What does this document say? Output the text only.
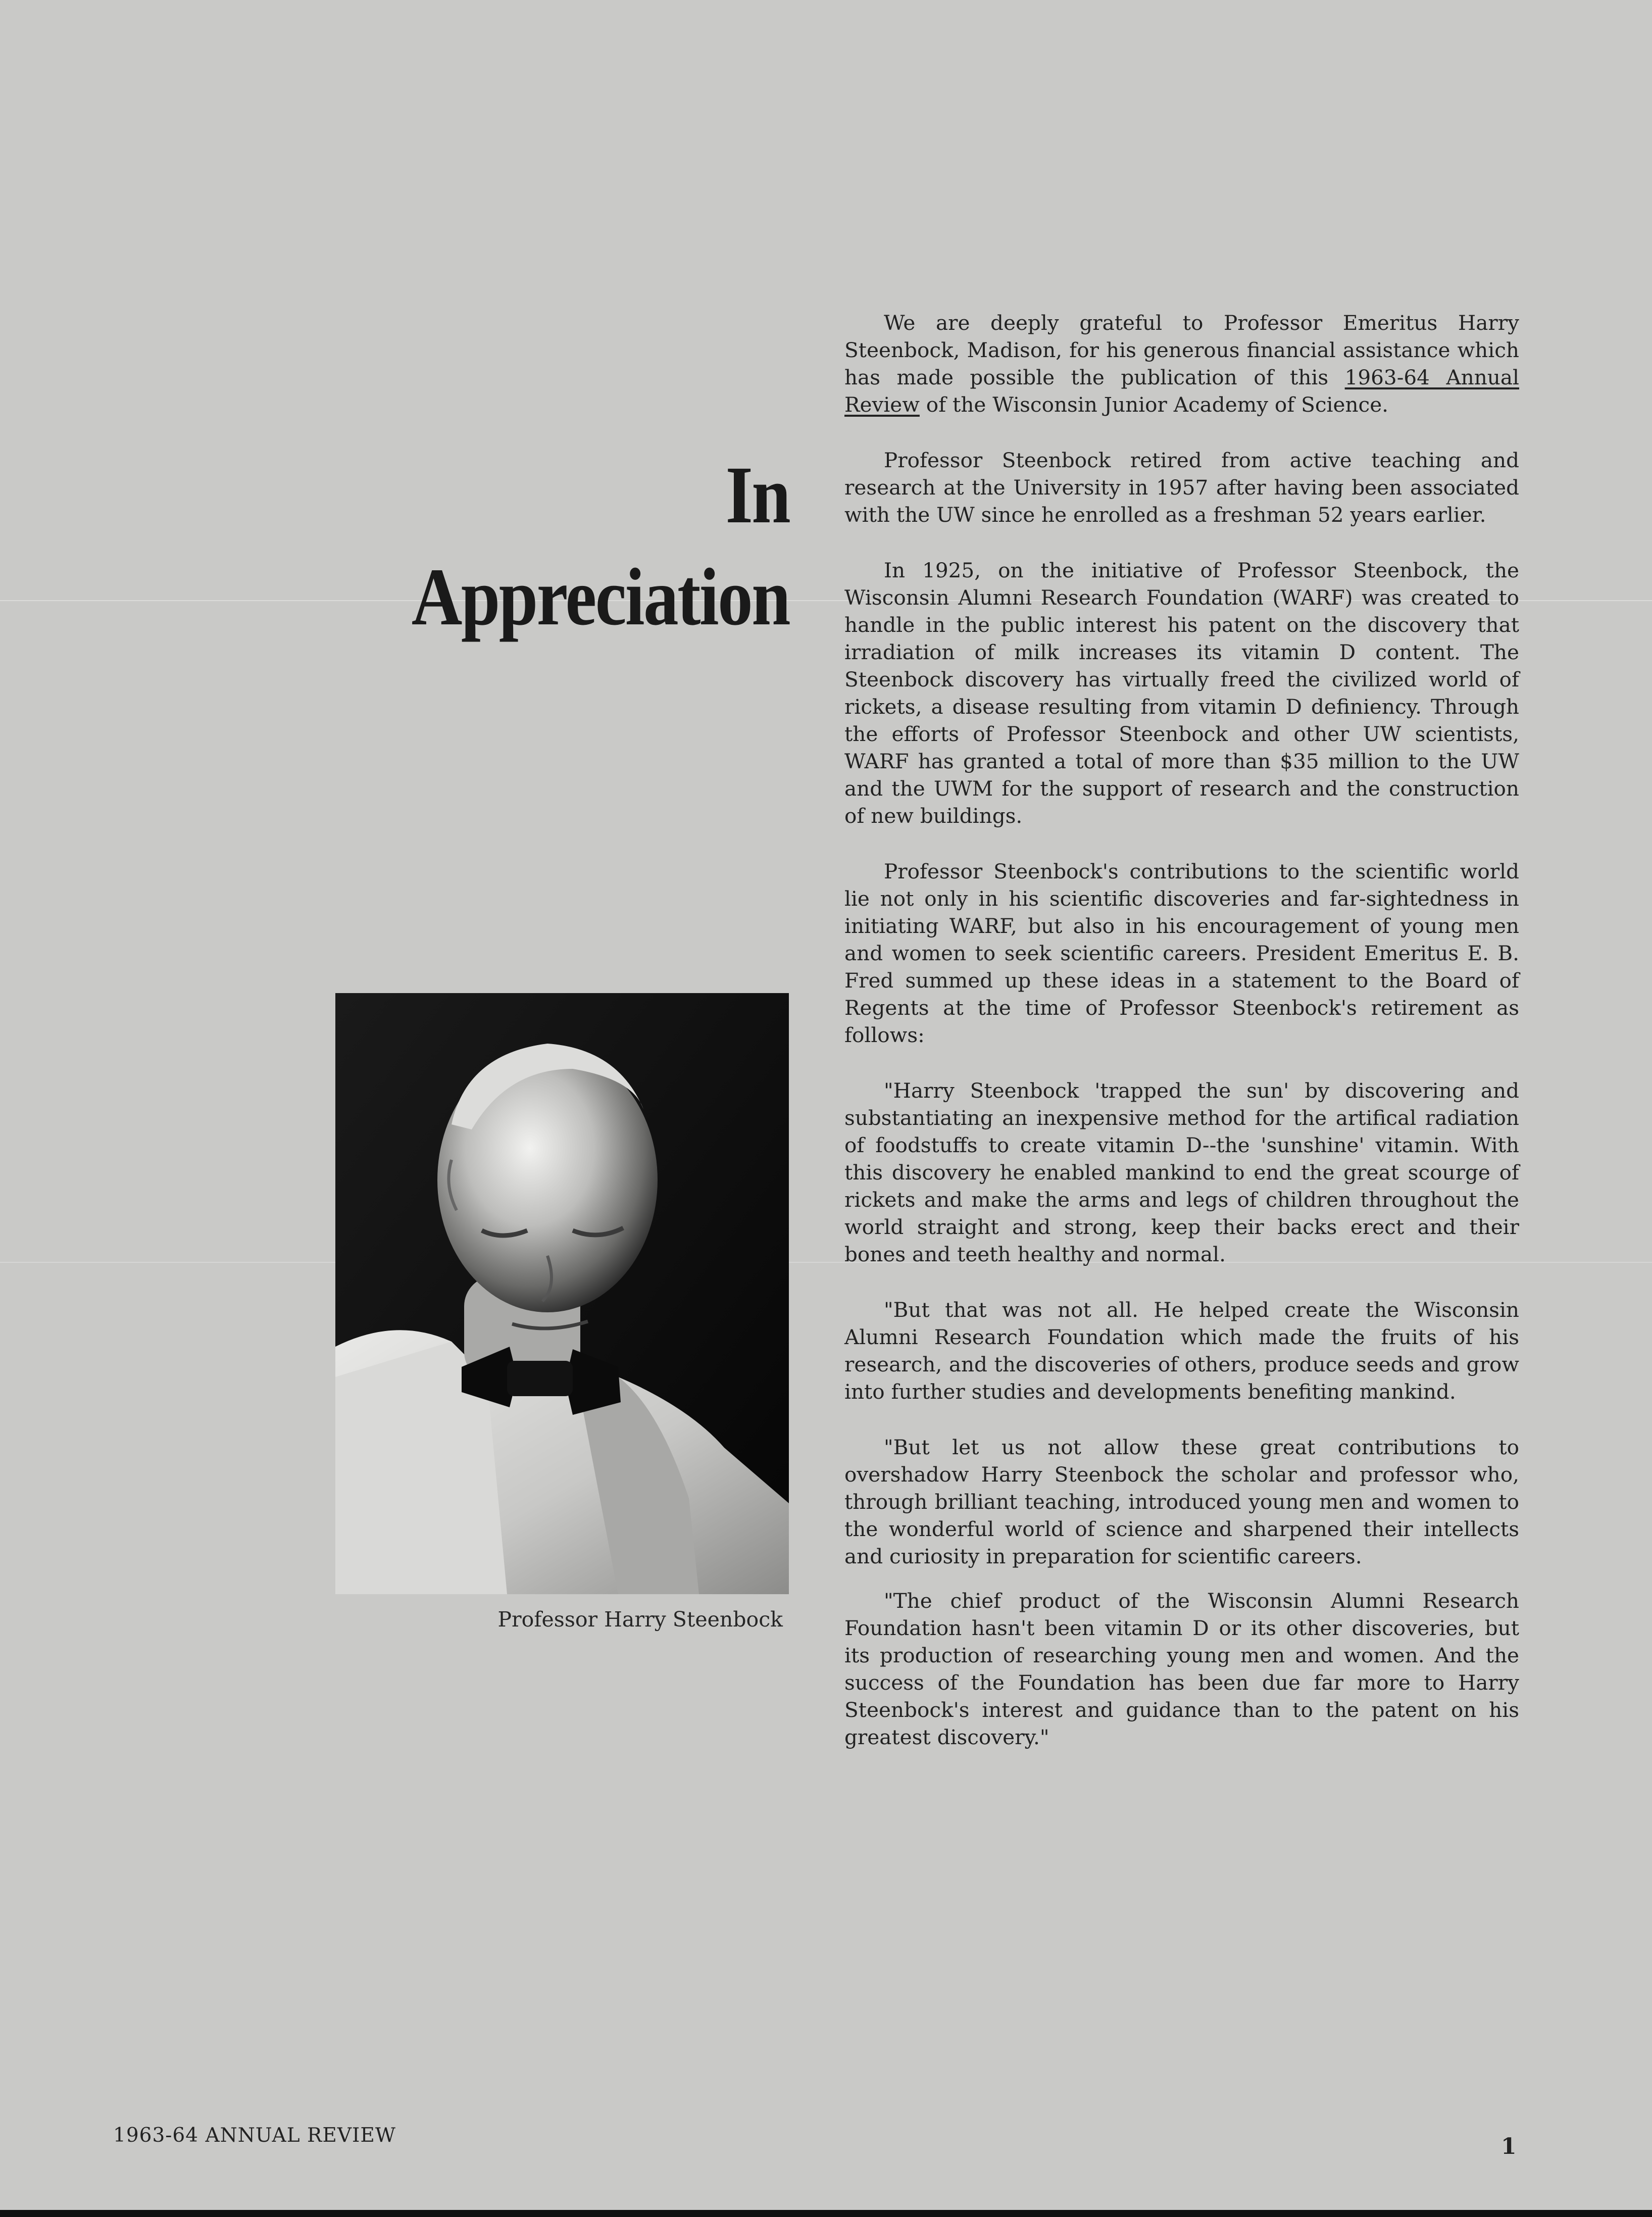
In
Appreciation

We are deeply grateful to Professor Emeritus Harry Steenbock, Madison, for his generous financial assistance which has made possible the publication of this 1963-64 Annual Review of the Wisconsin Junior Academy of Science.

Professor Steenbock retired from active teaching and research at the University in 1957 after having been associated with the UW since he enrolled as a freshman 52 years earlier.

In 1925, on the initiative of Professor Steenbock, the Wisconsin Alumni Research Foundation (WARF) was created to handle in the public interest his patent on the discovery that irradiation of milk increases its vitamin D content. The Steenbock discovery has virtually freed the civilized world of rickets, a disease resulting from vitamin D definiency. Through the efforts of Professor Steenbock and other UW scientists, WARF has granted a total of more than $35 million to the UW and the UWM for the support of research and the construction of new buildings.

Professor Steenbock's contributions to the scientific world lie not only in his scientific discoveries and far-sightedness in initiating WARF, but also in his encouragement of young men and women to seek scientific careers. President Emeritus E. B. Fred summed up these ideas in a statement to the Board of Regents at the time of Professor Steenbock's retirement as follows:

"Harry Steenbock 'trapped the sun' by discovering and substantiating an inexpensive method for the artifical radiation of foodstuffs to create vitamin D--the 'sunshine' vitamin. With this discovery he enabled mankind to end the great scourge of rickets and make the arms and legs of children throughout the world straight and strong, keep their backs erect and their bones and teeth healthy and normal.

"But that was not all. He helped create the Wisconsin Alumni Research Foundation which made the fruits of his research, and the discoveries of others, produce seeds and grow into further studies and developments benefiting mankind.

"But let us not allow these great contributions to overshadow Harry Steenbock the scholar and professor who, through brilliant teaching, introduced young men and women to the wonderful world of science and sharpened their intellects and curiosity in preparation for scientific careers.

"The chief product of the Wisconsin Alumni Research Foundation hasn't been vitamin D or its other discoveries, but its production of researching young men and women. And the success of the Foundation has been due far more to Harry Steenbock's interest and guidance than to the patent on his greatest discovery."

Professor Harry Steenbock

1963-64 ANNUAL REVIEW	1
